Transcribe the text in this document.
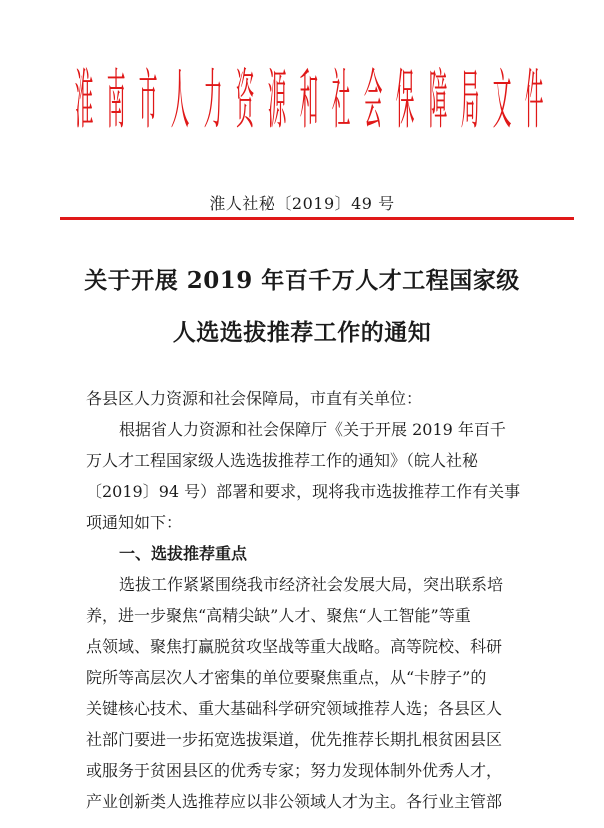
淮 南 市 人 力 资 源 和 社 会 保 障 局 文 件
淮人社秘〔2019〕49 号
关于开展 2019 年百千万人才工程国家级
人选选拔推荐工作的通知
各县区人力资源和社会保障局，市直有关单位：
根据省人力资源和社会保障厅《关于开展 2019 年百千
万人才工程国家级人选选拔推荐工作的通知》（皖人社秘
〔2019〕94 号）部署和要求，现将我市选拔推荐工作有关事
项通知如下：
一、选拔推荐重点
选拔工作紧紧围绕我市经济社会发展大局，突出联系培
养，进一步聚焦“高精尖缺”人才、聚焦“人工智能”等重
点领域、聚焦打赢脱贫攻坚战等重大战略。高等院校、科研
院所等高层次人才密集的单位要聚焦重点，从“卡脖子”的
关键核心技术、重大基础科学研究领域推荐人选；各县区人
社部门要进一步拓宽选拔渠道，优先推荐长期扎根贫困县区
或服务于贫困县区的优秀专家；努力发现体制外优秀人才，
产业创新类人选推荐应以非公领域人才为主。各行业主管部
